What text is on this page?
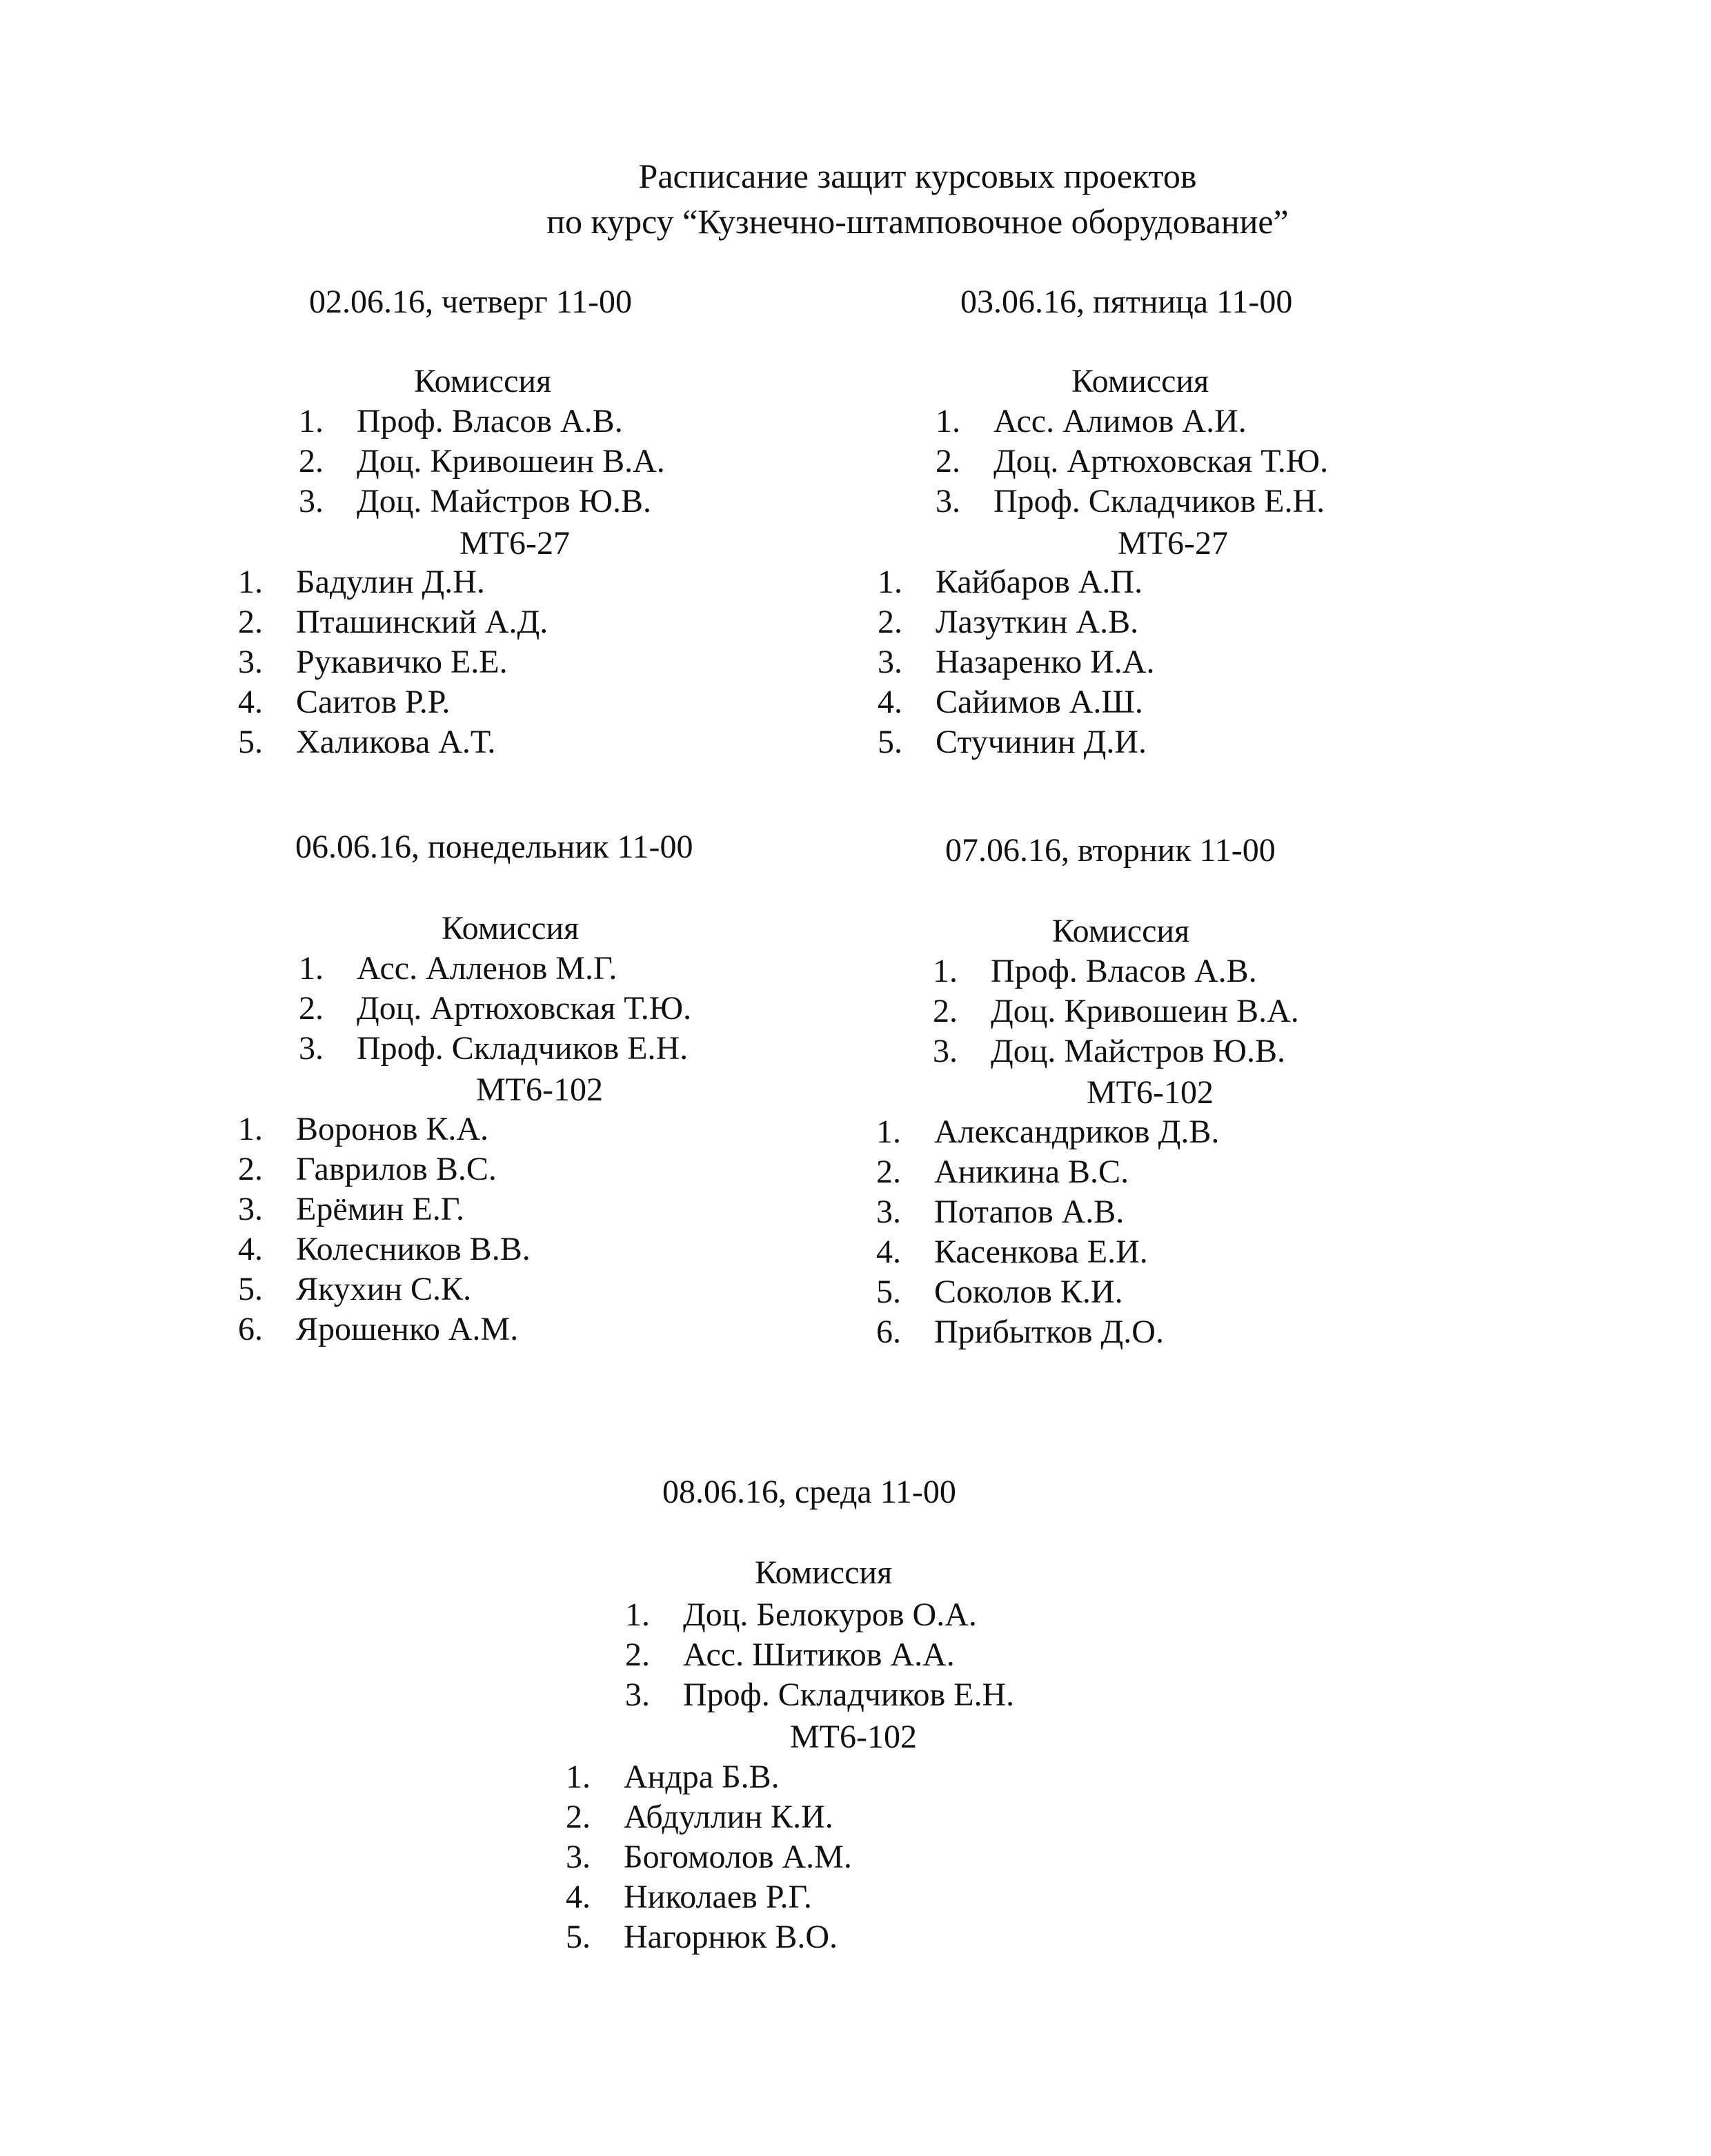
Расписание защит курсовых проектов
по курсу “Кузнечно-штамповочное оборудование”
02.06.16, четверг 11-00
Комиссия
1. Проф. Власов А.В.
2. Доц. Кривошеин В.А.
3. Доц. Майстров Ю.В.
МТ6-27
1. Бадулин Д.Н.
2. Пташинский А.Д.
3. Рукавичко Е.Е.
4. Саитов Р.Р.
5. Халикова А.Т.
03.06.16, пятница 11-00
Комиссия
1. Асс. Алимов А.И.
2. Доц. Артюховская Т.Ю.
3. Проф. Складчиков Е.Н.
МТ6-27
1. Кайбаров А.П.
2. Лазуткин А.В.
3. Назаренко И.А.
4. Сайимов А.Ш.
5. Стучинин Д.И.
06.06.16, понедельник 11-00
Комиссия
1. Асс. Алленов М.Г.
2. Доц. Артюховская Т.Ю.
3. Проф. Складчиков Е.Н.
МТ6-102
1. Воронов К.А.
2. Гаврилов В.С.
3. Ерёмин Е.Г.
4. Колесников В.В.
5. Якухин С.К.
6. Ярошенко А.М.
07.06.16, вторник 11-00
Комиссия
1. Проф. Власов А.В.
2. Доц. Кривошеин В.А.
3. Доц. Майстров Ю.В.
МТ6-102
1. Александриков Д.В.
2. Аникина В.С.
3. Потапов А.В.
4. Касенкова Е.И.
5. Соколов К.И.
6. Прибытков Д.О.
08.06.16, среда 11-00
Комиссия
1. Доц. Белокуров О.А.
2. Асс. Шитиков А.А.
3. Проф. Складчиков Е.Н.
МТ6-102
1. Андра Б.В.
2. Абдуллин К.И.
3. Богомолов А.М.
4. Николаев Р.Г.
5. Нагорнюк В.О.
